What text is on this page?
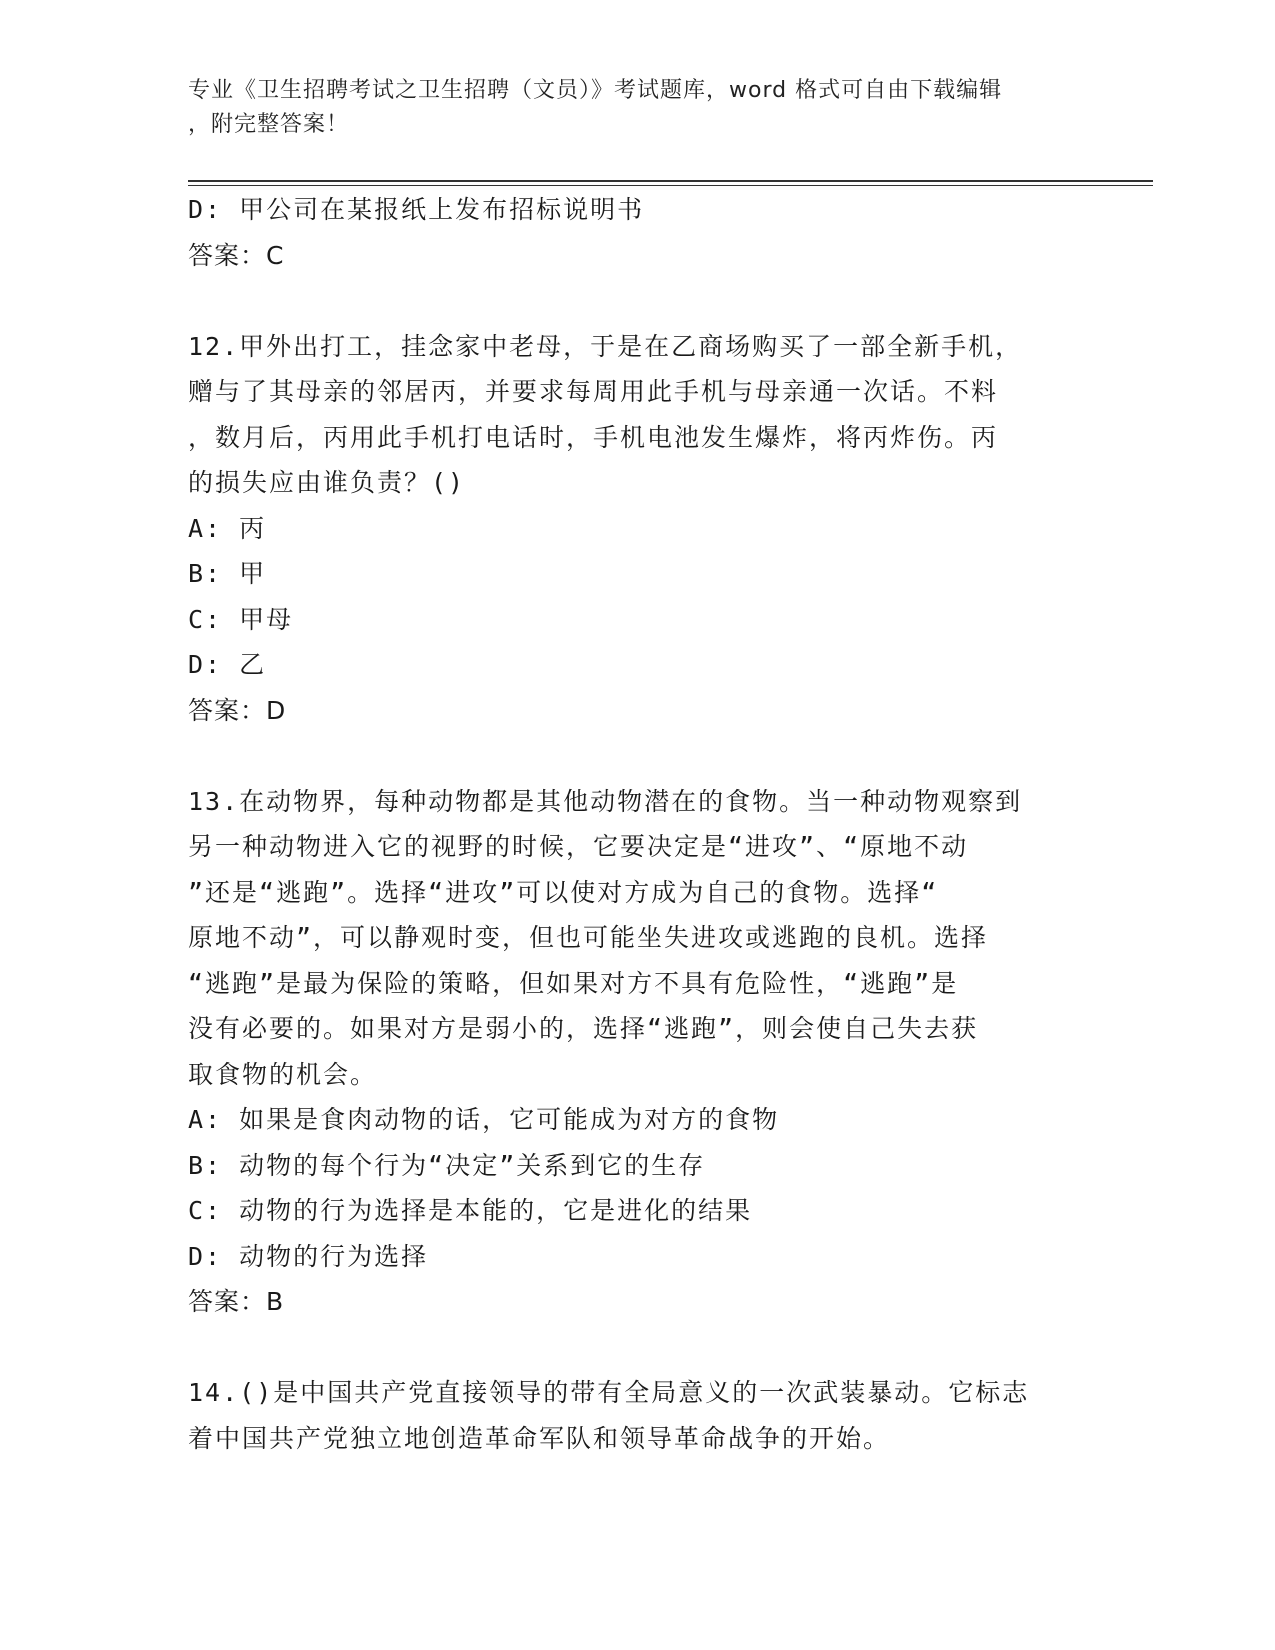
专业《卫生招聘考试之卫生招聘（文员）》考试题库，word 格式可自由下载编辑
，附完整答案！
D: 甲公司在某报纸上发布招标说明书
答案：C
12.甲外出打工，挂念家中老母，于是在乙商场购买了一部全新手机，
赠与了其母亲的邻居丙，并要求每周用此手机与母亲通一次话。不料
，数月后，丙用此手机打电话时，手机电池发生爆炸，将丙炸伤。丙
的损失应由谁负责？()
A: 丙
B: 甲
C: 甲母
D: 乙
答案：D
13.在动物界，每种动物都是其他动物潜在的食物。当一种动物观察到
另一种动物进入它的视野的时候，它要决定是“进攻”、“原地不动
”还是“逃跑”。选择“进攻”可以使对方成为自己的食物。选择“
原地不动”，可以静观时变，但也可能坐失进攻或逃跑的良机。选择
“逃跑”是最为保险的策略，但如果对方不具有危险性，“逃跑”是
没有必要的。如果对方是弱小的，选择“逃跑”，则会使自己失去获
取食物的机会。
A: 如果是食肉动物的话，它可能成为对方的食物
B: 动物的每个行为“决定”关系到它的生存
C: 动物的行为选择是本能的，它是进化的结果
D: 动物的行为选择
答案：B
14.()是中国共产党直接领导的带有全局意义的一次武装暴动。它标志
着中国共产党独立地创造革命军队和领导革命战争的开始。
